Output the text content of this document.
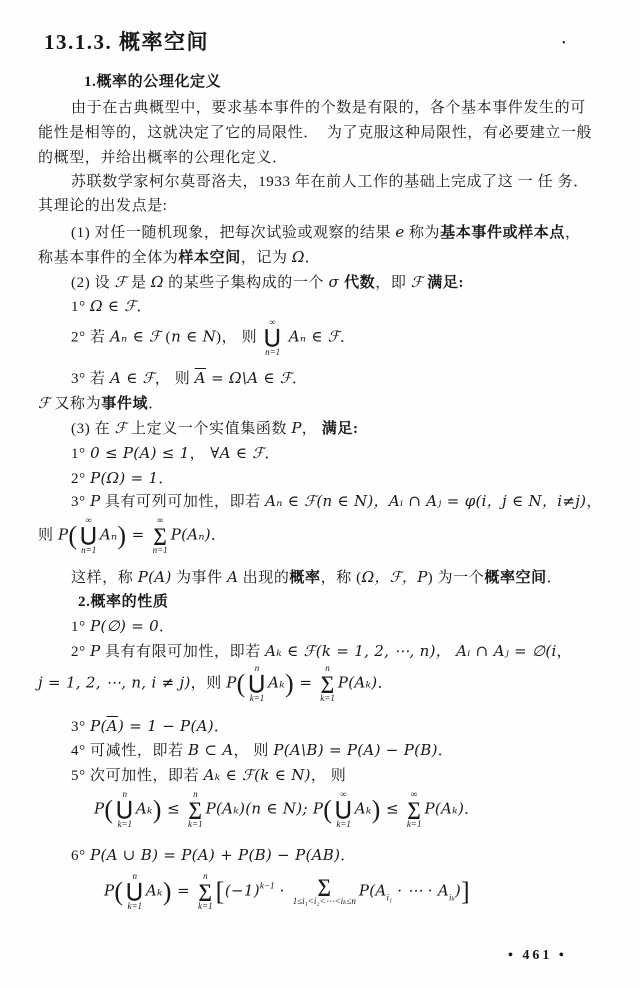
13.1.3. 概率空间	•
1.概率的公理化定义
由于在古典概型中，要求基本事件的个数是有限的，各个基本事件发生的可
能性是相等的，这就决定了它的局限性．　为了克服这种局限性，有必要建立一般
的概型，并给出概率的公理化定义．
苏联数学家柯尔莫哥洛夫，1933 年在前人工作的基础上完成了这 一 任 务．
其理论的出发点是:
(1) 对任一随机现象，把每次试验或观察的结果 e 称为基本事件或样本点，
称基本事件的全体为样本空间，记为 Ω．
(2) 设 ℱ 是 Ω 的某些子集构成的一个 σ 代数，即 ℱ 满足:
1° Ω ∈ ℱ．
2° 若 Aₙ ∈ ℱ (n ∈ N)， 则
∞
⋃
n=1
Aₙ ∈ ℱ．
3° 若 A ∈ ℱ， 则 $\overline{A}$ = Ω\A ∈ ℱ．
ℱ 又称为事件域．
(3) 在 ℱ 上定义一个实值集函数 P， 满足:
1° 0 ≤ P(A) ≤ 1， ∀A ∈ ℱ．
2° P(Ω) = 1．
3° P 具有可列可加性，即若 Aₙ ∈ ℱ(n ∈ N)，Aᵢ ∩ Aⱼ = φ(i，j ∈ N，i≠j)，
则 P(
∞
⋃
n=1
Aₙ) =
∞
∑
n=1
P(Aₙ)．
这样，称 P(A) 为事件 A 出现的概率，称 (Ω，ℱ，P) 为一个概率空间．
2.概率的性质
1° P(∅) = 0．
2° P 具有有限可加性，即若 Aₖ ∈ ℱ(k = 1, 2, ⋯, n)， Aᵢ ∩ Aⱼ = ∅(i，
j = 1, 2, ⋯, n, i ≠ j)，则 P(
n
⋃
k=1
Aₖ) =
n
∑
k=1
P(Aₖ)．
3° $P(\overline{A}) = 1 - P(A)$．
4° 可减性，即若 B ⊂ A， 则 P(A\B) = P(A) − P(B)．
5° 次可加性，即若 Aₖ ∈ ℱ(k ∈ N)， 则
P(
n
⋃
k=1
Aₖ) ≤
n
∑
k=1
P(Aₖ)(n ∈ N); P(
∞
⋃
k=1
Aₖ) ≤
∞
∑
k=1
P(Aₖ)．
6° P(A ∪ B) = P(A) + P(B) − P(AB)．
P(
n
⋃
k=1
Aₖ) =
n
∑
k=1 [$(-1)^{k-1}$ · ∑
1≤i₁<i₂<⋯<iₖ≤n
$P(A_{i_1}$ · ⋯ · $A_{i_k}$)]
• 461 •
